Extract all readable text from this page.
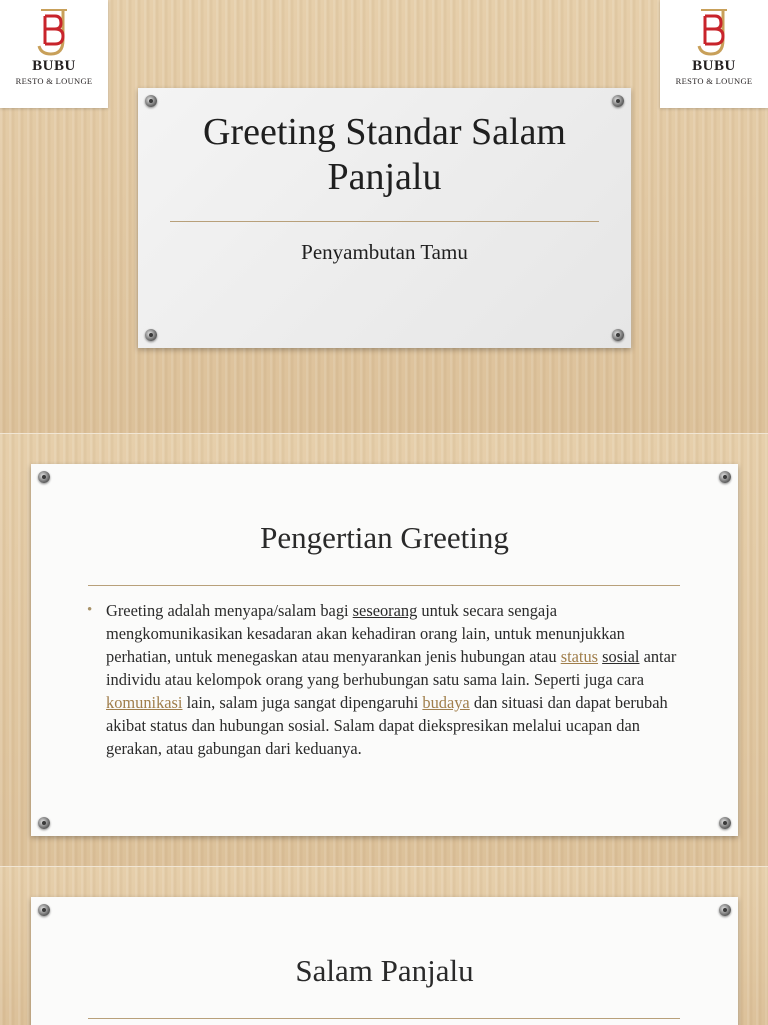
BUBU
RESTO & LOUNGE
BUBU
RESTO & LOUNGE
Greeting Standar Salam
Panjalu
Penyambutan Tamu
Pengertian Greeting
• Greeting adalah menyapa/salam bagi seseorang untuk secara sengaja mengkomunikasikan kesadaran akan kehadiran orang lain, untuk menunjukkan perhatian, untuk menegaskan atau menyarankan jenis hubungan atau status sosial antar individu atau kelompok orang yang berhubungan satu sama lain. Seperti juga cara komunikasi lain, salam juga sangat dipengaruhi budaya dan situasi dan dapat berubah akibat status dan hubungan sosial. Salam dapat diekspresikan melalui ucapan dan gerakan, atau gabungan dari keduanya.
Salam Panjalu
